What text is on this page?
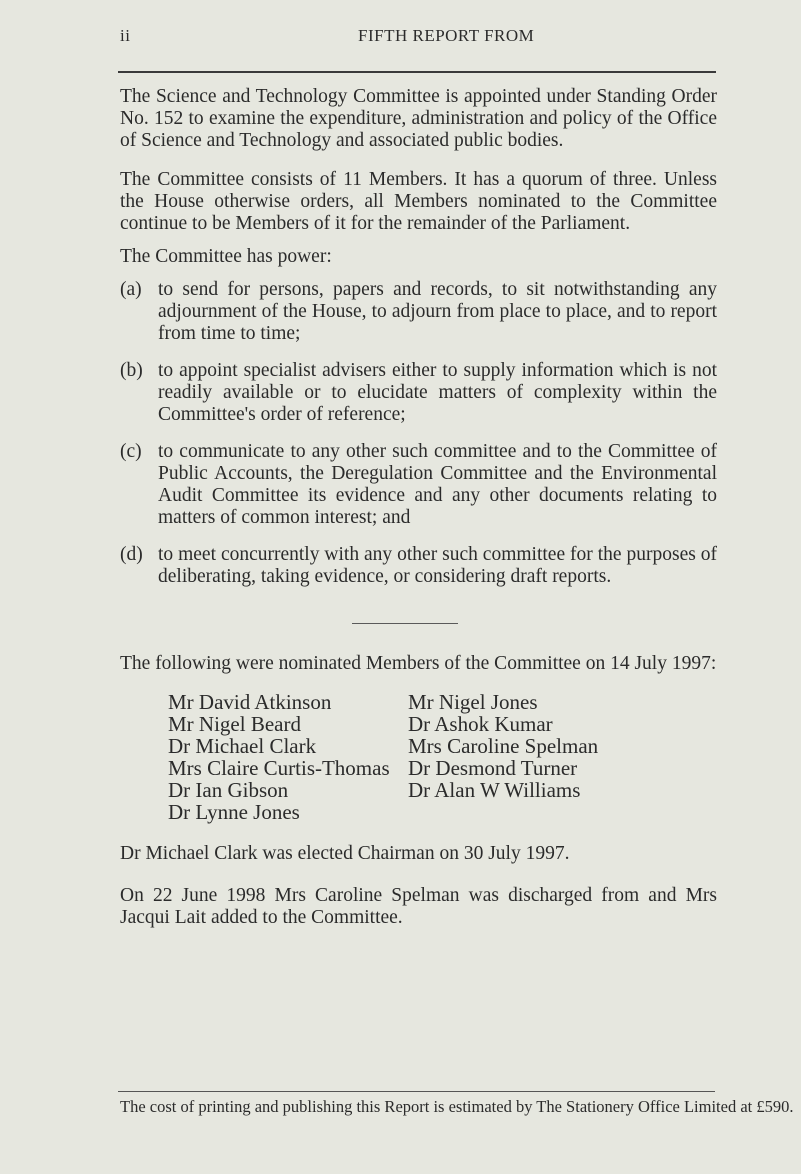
ii	FIFTH REPORT FROM

The Science and Technology Committee is appointed under Standing Order No. 152 to examine the expenditure, administration and policy of the Office of Science and Technology and associated public bodies.

The Committee consists of 11 Members. It has a quorum of three. Unless the House otherwise orders, all Members nominated to the Committee continue to be Members of it for the remainder of the Parliament.

The Committee has power:

(a) to send for persons, papers and records, to sit notwithstanding any adjournment of the House, to adjourn from place to place, and to report from time to time;
(b) to appoint specialist advisers either to supply information which is not readily available or to elucidate matters of complexity within the Committee's order of reference;
(c) to communicate to any other such committee and to the Committee of Public Accounts, the Deregulation Committee and the Environmental Audit Committee its evidence and any other documents relating to matters of common interest; and
(d) to meet concurrently with any other such committee for the purposes of deliberating, taking evidence, or considering draft reports.

The following were nominated Members of the Committee on 14 July 1997:

Mr David Atkinson
Mr Nigel Beard
Dr Michael Clark
Mrs Claire Curtis-Thomas
Dr Ian Gibson
Dr Lynne Jones
Mr Nigel Jones
Dr Ashok Kumar
Mrs Caroline Spelman
Dr Desmond Turner
Dr Alan W Williams

Dr Michael Clark was elected Chairman on 30 July 1997.

On 22 June 1998 Mrs Caroline Spelman was discharged from and Mrs Jacqui Lait added to the Committee.

The cost of printing and publishing this Report is estimated by The Stationery Office Limited at £590.
